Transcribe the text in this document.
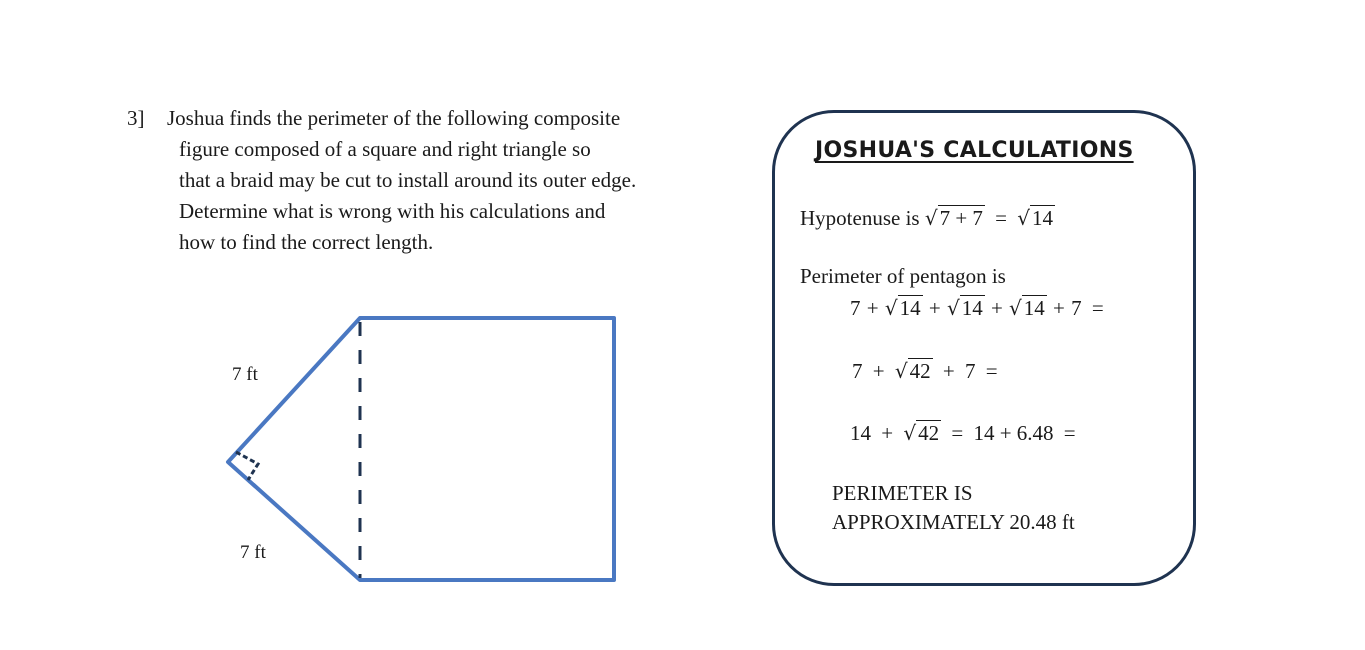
3] Joshua finds the perimeter of the following composite
figure composed of a square and right triangle so
that a braid may be cut to install around its outer edge.
Determine what is wrong with his calculations and
how to find the correct length.
7 ft
7 ft
JOSHUA'S CALCULATIONS
Hypotenuse is √7 + 7 = √14
Perimeter of pentagon is
7 + √14 + √14 + √14 + 7 =
7 + √42 + 7 =
14 + √42 = 14 + 6.48 =
PERIMETER IS
APPROXIMATELY 20.48 ft
